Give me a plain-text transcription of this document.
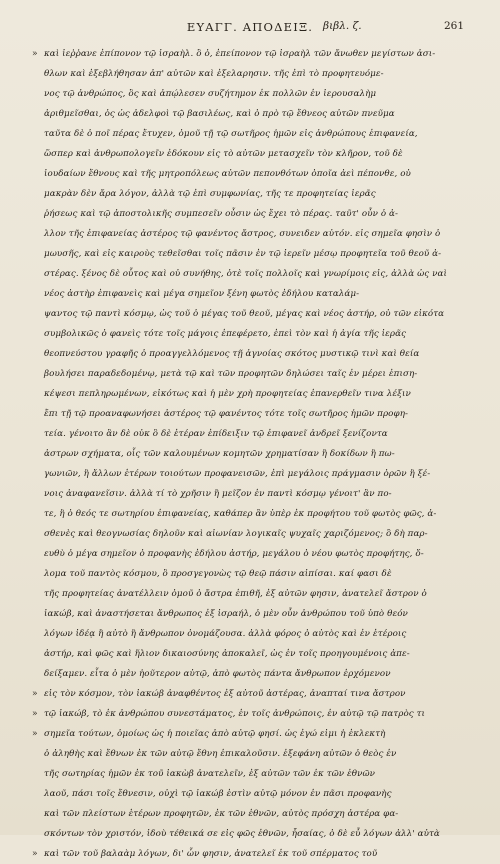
ΕΥΑΓΓ. ΑΠΟΔΕΙΞ. βιβλ. ζ.	261
» καὶ ἰεῤῥανε ἐπίπονον τῷ ἰσραὴλ. ὃ ὀ, ἐπείπονον τῷ ἰσραὴλ τῶν ἄνωθεν μεγίστων ἀσι-
θλων καὶ ἐξεβλήθησαν ἀπ' αὐτῶν καὶ ἐξελαρησιν. τῆς ἐπὶ τὸ προφητευόμε-
νος τῷ ἀνθρώπος, ὃς καὶ ἀπῴλεσεν συζήτημον ἐκ πολλῶν ἐν ἱερουσαλὴμ
ἀριθμεῖσθαι, ὁς ὡς ἀδελφοὶ τῷ βασιλέως, καὶ ὁ πρὸ τῷ ἔθνεος αὐτῶν πνεῦμα
ταῦτα δὲ ὁ ποῖ πέρας ἔτυχεν, ὁμοῦ τῇ τῷ σωτῆρος ἡμῶν εἰς ἀνθρώπους ἐπιφανεία,
ὥσπερ καὶ ἀνθρωπολογεῖν ἐδόκουν εἰς τὸ αὐτῶν μετασχεῖν τὸν κλῆρον, τοῦ δὲ
ἰουδαίων ἔθνους καὶ τῆς μητροπόλεως αὐτῶν πεπονθότων ὁποῖα ἀεὶ πέπονθε, οὐ
μακρὰν δὲν ἄρα λόγον, ἀλλὰ τῷ ἐπὶ συμφωνίας, τῆς τε προφητείας ἱερᾶς
ῥήσεως καὶ τῷ ἀποστολικῆς συμπεσεῖν οὖσιν ὡς ἔχει τὸ πέρας. ταῦτ' οὖν ὁ ἀ-
λλον τῆς ἐπιφανείας ἀστέρος τῷ φανέντος ἄστρος, συνειδεν αὐτόν. εἰς σημεῖα φησὶν ὁ
μωυσῆς, καὶ εἰς καιροὺς τεθεῖσθαι τοῖς πᾶσιν ἐν τῷ ἱερεῖν μέσῳ προφητεῖα τοῦ θεοῦ ἀ-
στέρας. ξένος δὲ οὗτος καὶ οὐ συνήθης, ὁτὲ τοῖς πολλοῖς καὶ γνωρίμοις εἰς, ἀλλὰ ὡς ναὶ
νέος ἀστὴρ ἐπιφανεὶς καὶ μέγα σημεῖον ξένη φωτὸς ἐδήλου καταλάμ-
ψαντος τῷ παντὶ κόσμῳ, ὡς τοῦ ὁ μέγας τοῦ θεοῦ, μέγας καὶ νέος ἀστήρ, οὐ τῶν εἰκότα
συμβολικῶς ὁ φανεὶς τότε τοῖς μάγοις ἐπεφέρετο, ἐπεὶ τὸν καὶ ἡ ἀγία τῆς ἱερᾶς
θεοπνεύστου γραφῆς ὁ προαγγελλόμενος τῇ ἀγνοίας σκότος μυστικῷ τινὶ καὶ θεία
βουλήσει παραδεδομένῳ, μετὰ τῷ καὶ τῶν προφητῶν δηλώσει ταῖς ἐν μέρει ἐπιση-
κέψεσι πεπληρωμένων, εἰκότως καὶ ἡ μὲν χρὴ προφητείας ἐπανερθεῖν τινα λέξιν
ἔπι τῇ τῷ προαναφωνήσει ἀστέρος τῷ φανέντος τότε τοῖς σωτῆρος ἡμῶν προφη-
τεία. γένοιτο ἂν δὲ οὐκ ὃ δὲ ἑτέραν ἐπίδειξιν τῷ ἐπιφανεῖ ἀνδρεῖ ξενίζοντα
ἀστρων σχήματα, οἷς τῶν καλουμένων κομητῶν χρηματίσαν ἢ δοκίδων ἢ πω-
γωνιῶν, ἢ ἄλλων ἑτέρων τοιούτων προφανεισῶν, ἐπὶ μεγάλοις πράγμασιν ὁρῶν ἢ ξέ-
νοις ἀναφανεῖσιν. ἀλλὰ τί τὸ χρῆσιν ἢ μεῖζον ἐν παντὶ κόσμῳ γένοιτ' ἂν πο-
τε, ἢ ὁ θεός τε σωτηρίου ἐπιφανείας, καθάπερ ἂν ὑπὲρ ἐκ προφήτου τοῦ φωτὸς φῶς, ἀ-
σθενὲς καὶ θεογνωσίας δηλοῦν καὶ αἰωνίαν λογικαῖς ψυχαῖς χαριζόμενος; ὃ δὴ παρ-
ευθὺ ὁ μέγα σημεῖον ὁ προφανὴς ἐδήλου ἀστήρ, μεγάλου ὁ νέου φωτὸς προφήτης, ὅ-
λομα τοῦ παντὸς κόσμου, ὃ προσγεγονὼς τῷ θεῷ πάσιν αἰπίσαι. καί φασι δὲ
τῆς προφητείας ἀνατέλλειν ὁμοῦ ὁ ἄστρα ἐπιθῆ, ἐξ αὐτῶν φησιν, ἀνατελεῖ ἄστρον ὁ
ἰακώβ, καὶ ἀναστήσεται ἄνθρωπος ἐξ ἰσραήλ, ὁ μὲν οὖν ἀνθρώπου τοῦ ὑπὸ θεόν
λόγων ἰδέᾳ ἢ αὐτὸ ἢ ἄνθρωπον ὀνομάζουσα. ἀλλὰ φόρος ὁ αὐτὸς καὶ ἐν ἑτέροις
ἀστήρ, καὶ φῶς καὶ ἥλιον δικαιοσύνης ἀποκαλεῖ, ὡς ἐν τοῖς προηγουμένοις ἀπε-
δείξαμεν. εἶτα ὁ μὲν ἠοῦτερον αὐτῷ, ἀπὸ φωτὸς πάντα ἄνθρωπον ἐρχόμενον
» εἰς τὸν κόσμον, τὸν ἰακώβ ἀναφθέντος ἐξ αὐτοῦ ἀστέρας, ἀναπταί τινα ἄστρον
» τῷ ἰακώβ, τὸ ἐκ ἀνθρώπου συνεστάματος, ἐν τοῖς ἀνθρώποις, ἐν αὐτῷ τῷ πατρὸς τι
» σημεῖα τούτων, ὁμοίως ὡς ἡ ποιεῖας ἀπὸ αὐτῷ φησί. ὡς ἐγώ εἰμι ἡ ἐκλεκτὴ
ὁ ἀληθὴς καὶ ἔθνων ἐκ τῶν αὐτῷ ἔθνη ἐπικαλοῦσιν. ἐξεφάνη αὐτῶν ὁ θεὸς ἐν
τῆς σωτηρίας ἡμῶν ἐκ τοῦ ἰακὼβ ἀνατελεῖν, ἐξ αὐτῶν τῶν ἐκ τῶν ἐθνῶν
λαοῦ, πάσι τοῖς ἔθνεσιν, οὐχὶ τῷ ἰακώβ ἐστὶν αὐτῷ μόνον ἐν πᾶσι προφανὴς
καὶ τῶν πλείστων ἑτέρων προφητῶν, ἐκ τῶν ἐθνῶν, αὐτὸς πρόσχη ἀστέρα φα-
σκόντων τὸν χριστόν, ἰδοὺ τέθεικά σε εἰς φῶς ἐθνῶν, ἦσαίας, ὁ δὲ εὖ λόγων ἀλλ' αὐτὰ
» καὶ τῶν τοῦ βαλαὰμ λόγων, δι' ὧν φησιν, ἀνατελεῖ ἐκ τοῦ σπέρματος τοῦ
